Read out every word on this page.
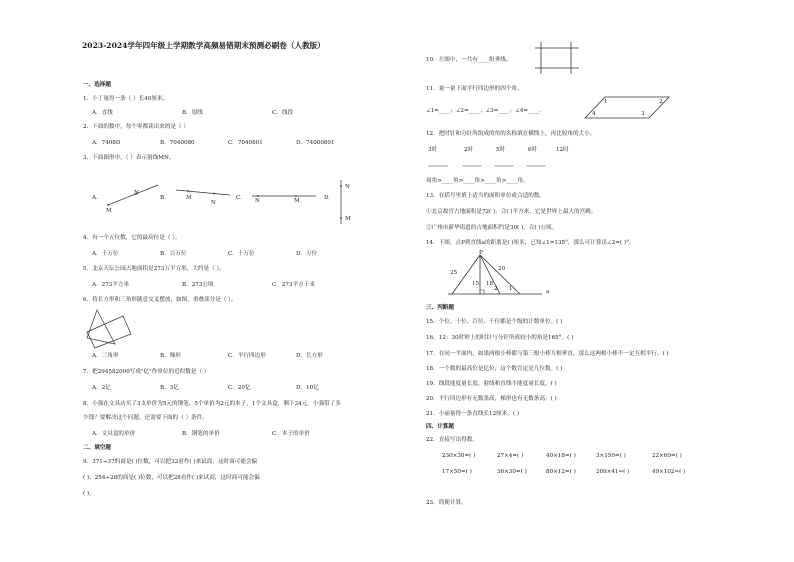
2023-2024学年四年级上学期数学高频易错期末预测必刷卷（人教版）
一、选择题
1．小丁量得一条（ ）长40厘米。
A．直线	B．射线	C．线段
2．下面的数中，每个零都读出来的是（ ）
A．7408D	B．7040080	C．7040801	D．74000801
3．下面图形中，（ ）表示射线MN。
A．
M
N
B．	M
N
C． N	M	D．
N
M
4．有一个五位数，它的最高位是（ ）。
A．千万位	B．百万位	C．十万位	D．万位
5．北京天坛公园占地面积是273万平方米，大约是（ ）。
A．273平方米	B．273公顷	C．273平方千米
6．将长方形和三角形随意交叉摆放，如图，重叠部分是（ ）。
A．三角形	B．梯形	C．平行四边形	D．长方形
7．把294582000写成"亿"作单位的近似数是（ ）
A．2亿	B．3亿	C．20亿	D．10亿
8．小强在文具店买了3支单价为5元的钢笔、5个单价为2元的本子，1个文具盒，剩下34元。小强带了多
少钱？要解决这个问题，还需要下面的（ ）条件。
A．文具盒的单价	B．钢笔的单价	C．本子的单价
二、填空题
9．371÷37的商是( )位数，可以把32看作( )来试商，这时商可能会偏
( )；254÷28的商是( )位数，可以把28看作( )来试商，这时商可能会偏
( )。
10．左图中，一共有____组垂线。
11．量一量下面平行四边形的四个角。
∠1=____；∠2=____；∠3=____；∠4=____。
1	2
3
4
12．把时针和分针所组成的角的名称填在横线上，再比较角的大小。
3时	2时	5时	6时	12时
周角>____角>____角>____角>____角。
13．在括号里填上适当的面积单位或合适的数。
①北京故宫占地面积是72( )，合( )平方米，它是世界上最大的宫殿。
②广州市新华街道的占地面积约是30( )，合( )公顷。
14．下图，点P到直线a的距离是( )厘米，已知∠1=135°，那么可计算出∠2=( )°。
P
a
25
20
15 18
1
2
三、判断题
15．个位、十位、百位、千位都是个级的计数单位。( )
16．12：30时钟上的时针与分针所成较小的角是165°。( )
17．在同一平面内，如果两根小棒都与第三根小棒互相垂直，那么这两根小棒不一定互相平行。( )
18．一个数的最高位是亿位，这个数肯定是九位数。( )
19．线段能度量长度，射线和直线不能度量长度。( )
20．平行四边形有无数条高，梯形也有无数条高。( )
21．小丽量得一条直线长12厘米。( )
四、计算题
22．直接写出得数。
230×30=( )	27×4=( )	40×18=( )	3×150=( )	22×60=( )
17×50=( )	36×30=( )	80×12=( )	209×41≈( )	49×102≈( )
23．简便计算。
